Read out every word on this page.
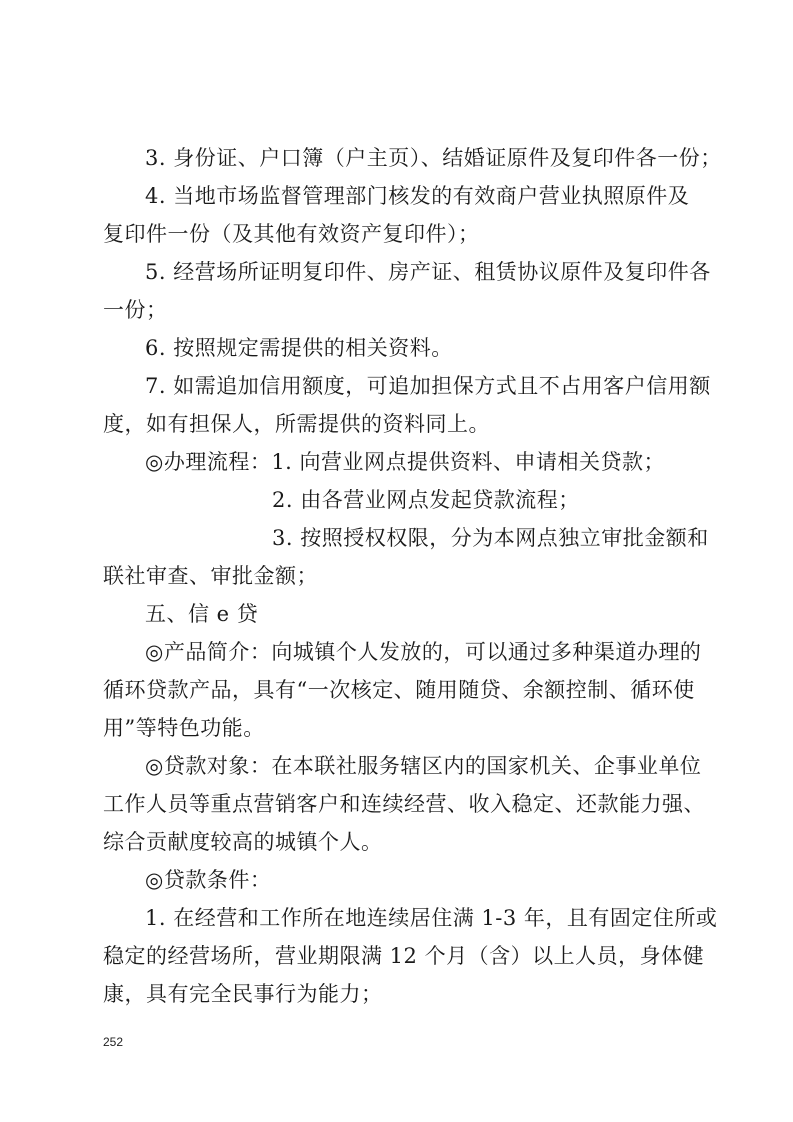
3. 身份证、户口簿（户主页）、结婚证原件及复印件各一份；
4. 当地市场监督管理部门核发的有效商户营业执照原件及
复印件一份（及其他有效资产复印件）；
5. 经营场所证明复印件、房产证、租赁协议原件及复印件各
一份；
6. 按照规定需提供的相关资料。
7. 如需追加信用额度，可追加担保方式且不占用客户信用额
度，如有担保人，所需提供的资料同上。
◎办理流程：1. 向营业网点提供资料、申请相关贷款；
2. 由各营业网点发起贷款流程；
3. 按照授权权限，分为本网点独立审批金额和
联社审查、审批金额；
五、信 e 贷
◎产品简介：向城镇个人发放的，可以通过多种渠道办理的
循环贷款产品，具有“一次核定、随用随贷、余额控制、循环使
用”等特色功能。
◎贷款对象：在本联社服务辖区内的国家机关、企事业单位
工作人员等重点营销客户和连续经营、收入稳定、还款能力强、
综合贡献度较高的城镇个人。
◎贷款条件：
1. 在经营和工作所在地连续居住满 1-3 年，且有固定住所或
稳定的经营场所，营业期限满 12 个月（含）以上人员，身体健
康，具有完全民事行为能力；
252
